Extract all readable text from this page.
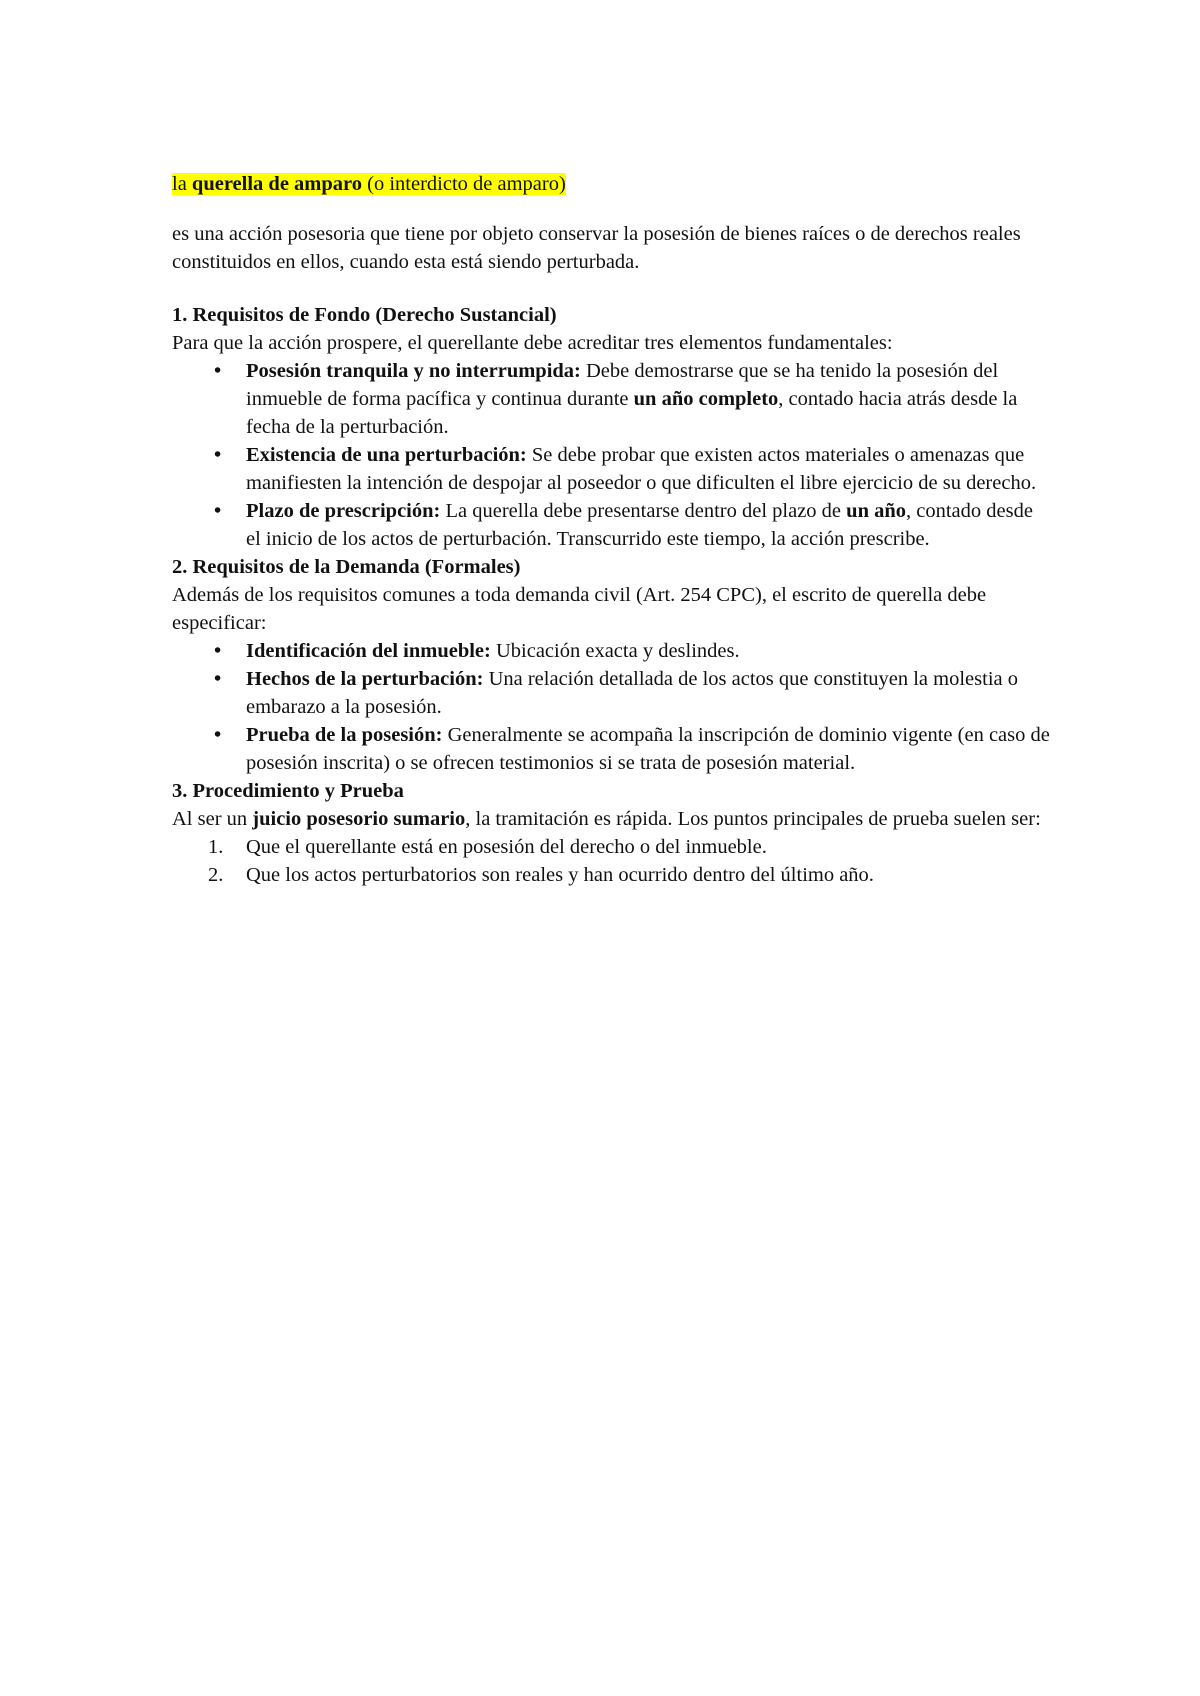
la querella de amparo (o interdicto de amparo)

es una acción posesoria que tiene por objeto conservar la posesión de bienes raíces o de derechos reales constituidos en ellos, cuando esta está siendo perturbada.

1. Requisitos de Fondo (Derecho Sustancial)

Para que la acción prospere, el querellante debe acreditar tres elementos fundamentales:

• Posesión tranquila y no interrumpida: Debe demostrarse que se ha tenido la posesión del inmueble de forma pacífica y continua durante un año completo, contado hacia atrás desde la fecha de la perturbación.
• Existencia de una perturbación: Se debe probar que existen actos materiales o amenazas que manifiesten la intención de despojar al poseedor o que dificulten el libre ejercicio de su derecho.
• Plazo de prescripción: La querella debe presentarse dentro del plazo de un año, contado desde el inicio de los actos de perturbación. Transcurrido este tiempo, la acción prescribe.

2. Requisitos de la Demanda (Formales)

Además de los requisitos comunes a toda demanda civil (Art. 254 CPC), el escrito de querella debe especificar:

• Identificación del inmueble: Ubicación exacta y deslindes.
• Hechos de la perturbación: Una relación detallada de los actos que constituyen la molestia o embarazo a la posesión.
• Prueba de la posesión: Generalmente se acompaña la inscripción de dominio vigente (en caso de posesión inscrita) o se ofrecen testimonios si se trata de posesión material.

3. Procedimiento y Prueba

Al ser un juicio posesorio sumario, la tramitación es rápida. Los puntos principales de prueba suelen ser:

1. Que el querellante está en posesión del derecho o del inmueble.
2. Que los actos perturbatorios son reales y han ocurrido dentro del último año.
